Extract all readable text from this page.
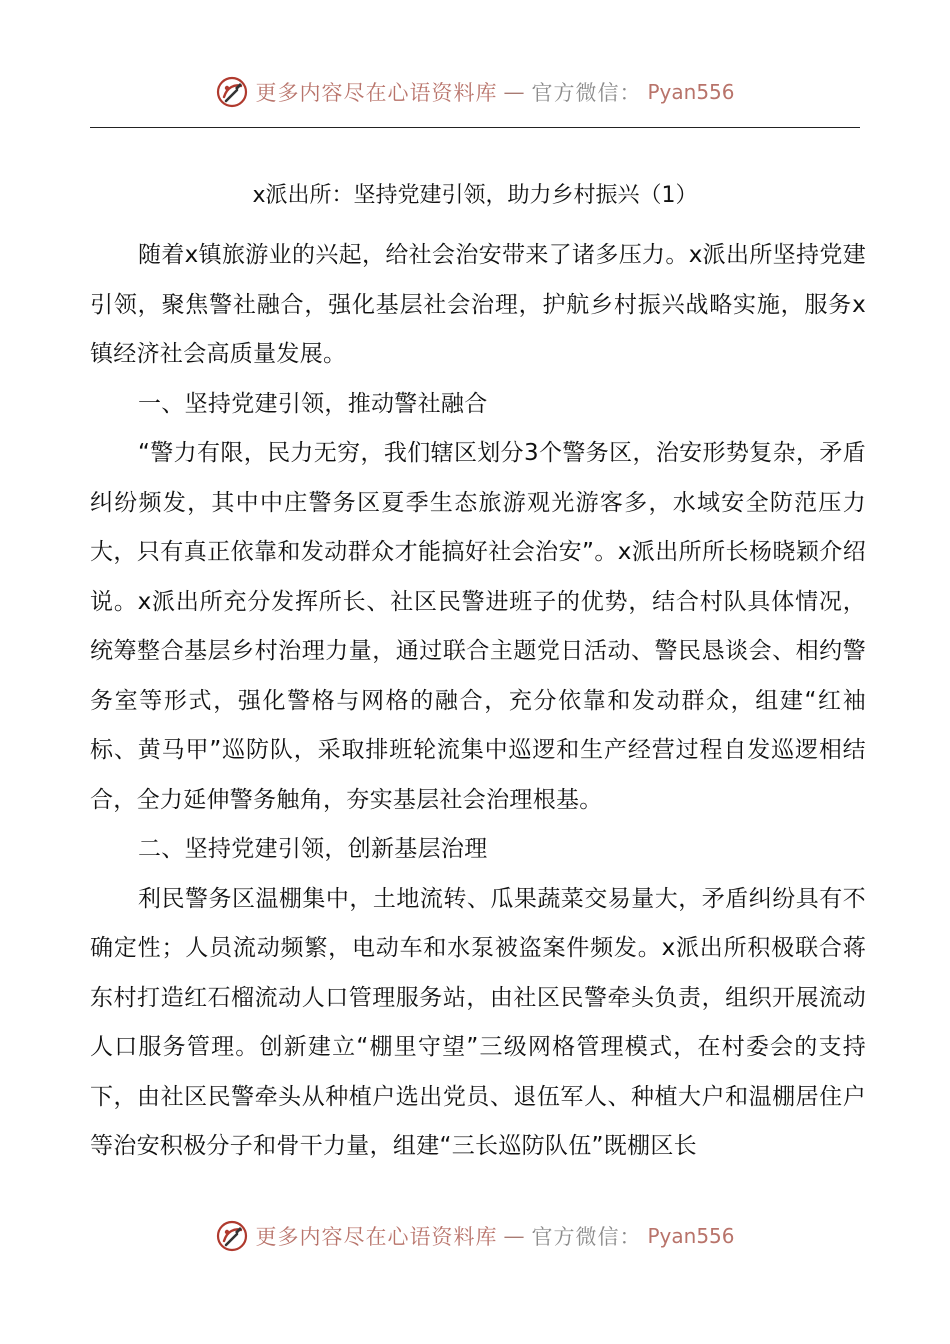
更多内容尽在心语资料库 — 官方微信： Pyan556
x派出所：坚持党建引领，助力乡村振兴（1）

随着x镇旅游业的兴起，给社会治安带来了诸多压力。x派出所坚持党建引领，聚焦警社融合，强化基层社会治理，护航乡村振兴战略实施，服务x镇经济社会高质量发展。

一、坚持党建引领，推动警社融合

“警力有限，民力无穷，我们辖区划分3个警务区，治安形势复杂，矛盾纠纷频发，其中中庄警务区夏季生态旅游观光游客多，水域安全防范压力大，只有真正依靠和发动群众才能搞好社会治安”。x派出所所长杨晓颖介绍说。x派出所充分发挥所长、社区民警进班子的优势，结合村队具体情况，统筹整合基层乡村治理力量，通过联合主题党日活动、警民恳谈会、相约警务室等形式，强化警格与网格的融合，充分依靠和发动群众，组建“红袖标、黄马甲”巡防队，采取排班轮流集中巡逻和生产经营过程自发巡逻相结合，全力延伸警务触角，夯实基层社会治理根基。

二、坚持党建引领，创新基层治理

利民警务区温棚集中，土地流转、瓜果蔬菜交易量大，矛盾纠纷具有不确定性；人员流动频繁，电动车和水泵被盗案件频发。x派出所积极联合蒋东村打造红石榴流动人口管理服务站，由社区民警牵头负责，组织开展流动人口服务管理。创新建立“棚里守望”三级网格管理模式，在村委会的支持下，由社区民警牵头从种植户选出党员、退伍军人、种植大户和温棚居住户等治安积极分子和骨干力量，组建“三长巡防队伍”既棚区长

更多内容尽在心语资料库 — 官方微信： Pyan556
